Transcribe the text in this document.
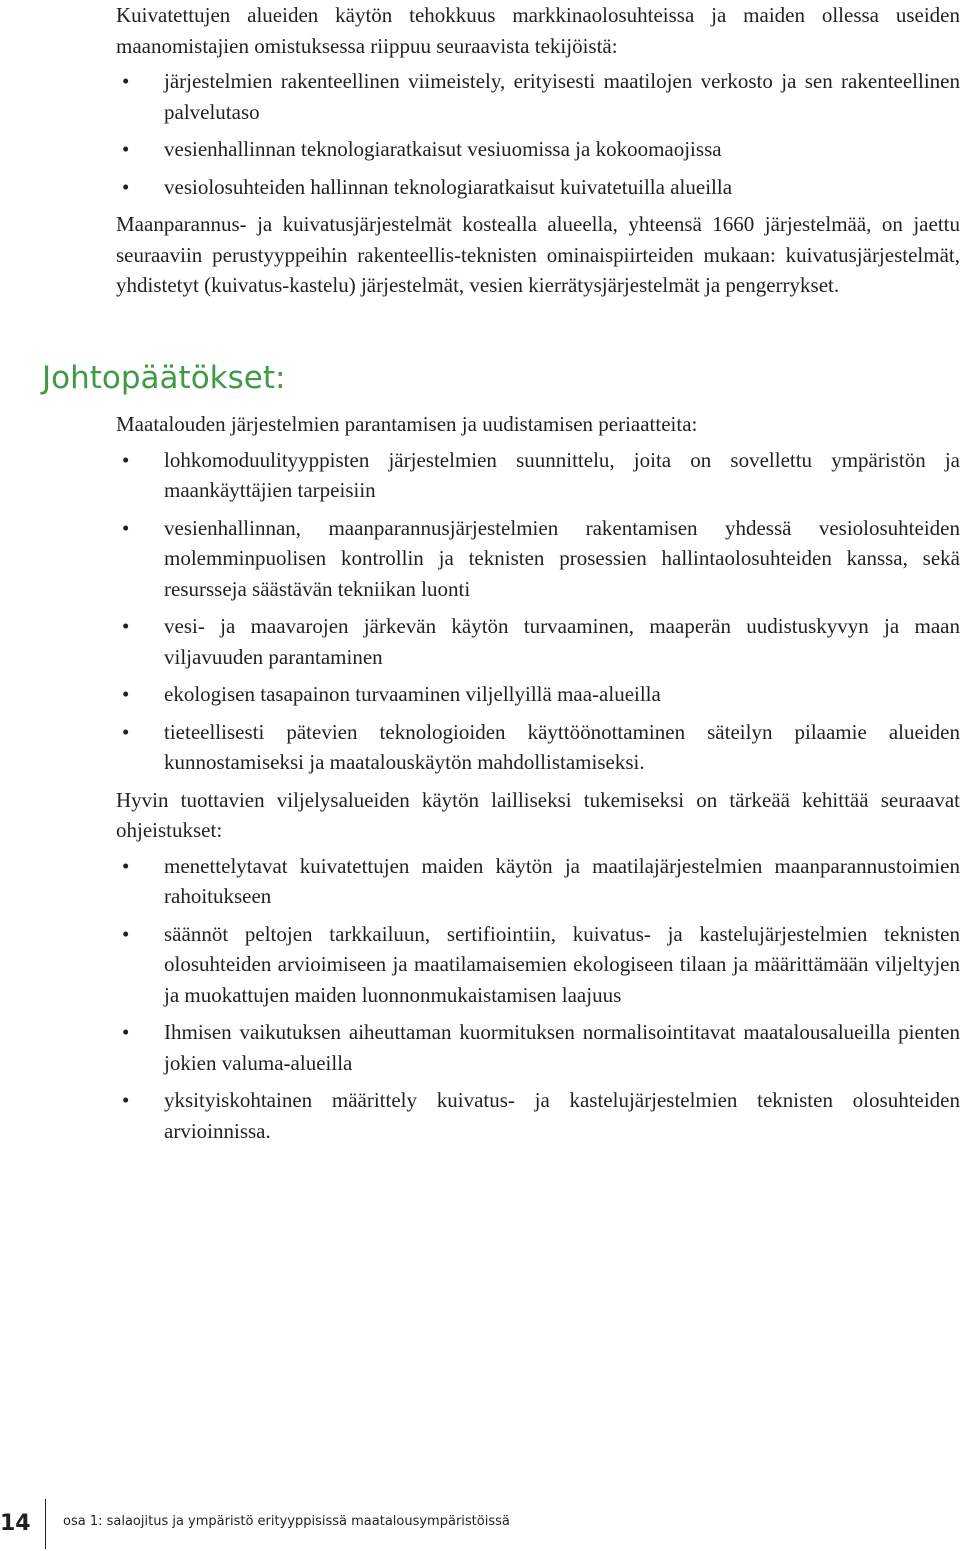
Kuivatettujen alueiden käytön tehokkuus markkinaolosuhteissa ja maiden ollessa useiden maanomistajien omistuksessa riippuu seuraavista tekijöistä:

• järjestelmien rakenteellinen viimeistely, erityisesti maatilojen verkosto ja sen rakenteellinen palvelutaso
• vesienhallinnan teknologiaratkaisut vesiuomissa ja kokoomaojissa
• vesiolosuhteiden hallinnan teknologiaratkaisut kuivatetuilla alueilla

Maanparannus- ja kuivatusjärjestelmät kostealla alueella, yhteensä 1660 järjestelmää, on jaettu seuraaviin perustyyppeihin rakenteellis-teknisten ominaispiirteiden mukaan: kuivatusjärjestelmät, yhdistetyt (kuivatus-kastelu) järjestelmät, vesien kierrätysjärjestelmät ja pengerrykset.

Johtopäätökset:

Maatalouden järjestelmien parantamisen ja uudistamisen periaatteita:

• lohkomoduulityyppisten järjestelmien suunnittelu, joita on sovellettu ympäristön ja maankäyttäjien tarpeisiin
• vesienhallinnan, maanparannusjärjestelmien rakentamisen yhdessä vesiolosuhteiden molemminpuolisen kontrollin ja teknisten prosessien hallintaolosuhteiden kanssa, sekä resursseja säästävän tekniikan luonti
• vesi- ja maavarojen järkevän käytön turvaaminen, maaperän uudistuskyvyn ja maan viljavuuden parantaminen
• ekologisen tasapainon turvaaminen viljellyillä maa-alueilla
• tieteellisesti pätevien teknologioiden käyttöönottaminen säteilyn pilaamie alueiden kunnostamiseksi ja maatalouskäytön mahdollistamiseksi.

Hyvin tuottavien viljelysalueiden käytön lailliseksi tukemiseksi on tärkeää kehittää seuraavat ohjeistukset:

• menettelytavat kuivatettujen maiden käytön ja maatilajärjestelmien maanparannustoimien rahoitukseen
• säännöt peltojen tarkkailuun, sertifiointiin, kuivatus- ja kastelujärjestelmien teknisten olosuhteiden arvioimiseen ja maatilamaisemien ekologiseen tilaan ja määrittämään viljeltyjen ja muokattujen maiden luonnonmukaistamisen laajuus
• Ihmisen vaikutuksen aiheuttaman kuormituksen normalisointitavat maatalousalueilla pienten jokien valuma-alueilla
• yksityiskohtainen määrittely kuivatus- ja kastelujärjestelmien teknisten olosuhteiden arvioinnissa.
14	osa 1: salaojitus ja ympäristö erityyppisissä maatalousympäristöissä
